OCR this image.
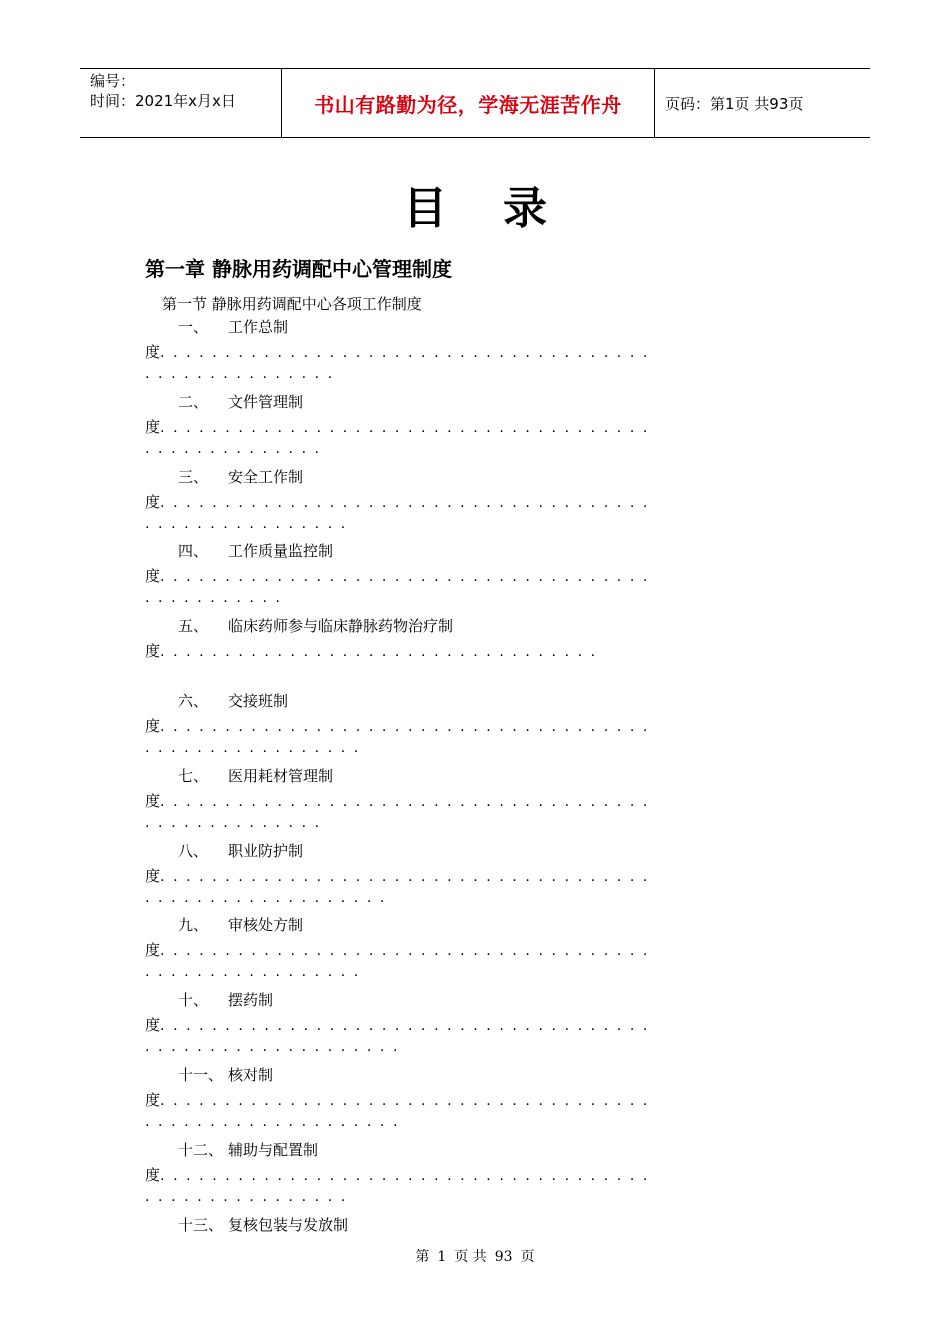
编号：
时间：2021年x月x日	书山有路勤为径，学海无涯苦作舟	页码：第1页 共93页
目录
第一章 静脉用药调配中心管理制度
第一节 静脉用药调配中心各项工作制度
一、 工作总制
度......................................
...............
二、 文件管理制
度......................................
..............
三、 安全工作制
度......................................
................
四、 工作质量监控制
度......................................
...........
五、 临床药师参与临床静脉药物治疗制
度..................................
六、 交接班制
度......................................
.................
七、 医用耗材管理制
度......................................
..............
八、 职业防护制
度......................................
...................
九、 审核处方制
度......................................
.................
十、 摆药制
度......................................
....................
十一、 核对制
度......................................
....................
十二、 辅助与配置制
度......................................
................
十三、 复核包装与发放制
第 1 页 共 93 页
